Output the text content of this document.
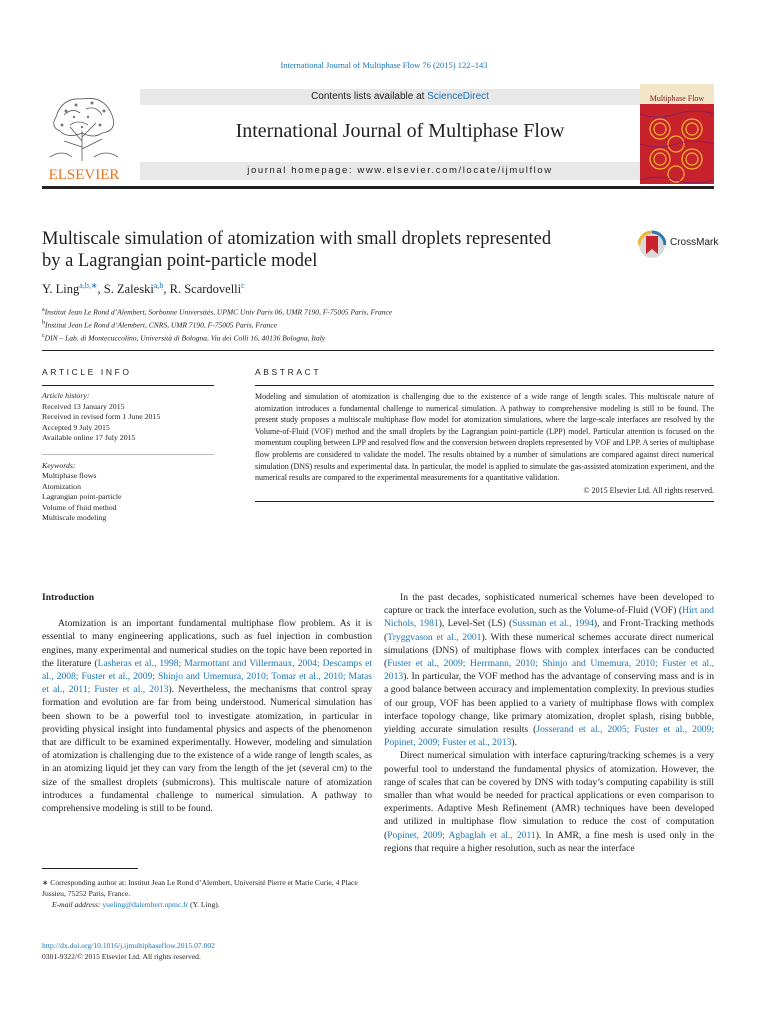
International Journal of Multiphase Flow 76 (2015) 122–143
ELSEVIER
Contents lists available at ScienceDirect
International Journal of Multiphase Flow
journal homepage: www.elsevier.com/locate/ijmulflow
Multiphase Flow
Multiscale simulation of atomization with small droplets represented
by a Lagrangian point-particle model
CrossMark
Y. Ling$^{a,b,∗}$, S. Zaleski$^{a,b}$, R. Scardovelli$^c$
$^a$Institut Jean Le Rond d’Alembert, Sorbonne Universités, UPMC Univ Paris 06, UMR 7190, F-75005 Paris, France
$^b$Institut Jean Le Rond d’Alembert, CNRS, UMR 7190, F-75005 Paris, France
$^c$DIN – Lab. di Montecuccolino, Università di Bologna, Via dei Colli 16, 40136 Bologna, Italy
ARTICLE INFO
Article history:
Received 13 January 2015
Received in revised form 1 June 2015
Accepted 9 July 2015
Available online 17 July 2015
Keywords:
Multiphase flows
Atomization
Lagrangian point-particle
Volume of fluid method
Multiscale modeling
ABSTRACT
Modeling and simulation of atomization is challenging due to the existence of a wide range of length scales. This multiscale nature of atomization introduces a fundamental challenge to numerical simulation. A pathway to comprehensive modeling is still to be found. The present study proposes a multiscale multiphase flow model for atomization simulations, where the large-scale interfaces are resolved by the Volume-of-Fluid (VOF) method and the small droplets by the Lagrangian point-particle (LPP) model. Particular attention is focused on the momentum coupling between LPP and resolved flow and the conversion between droplets represented by VOF and LPP. A series of multiphase flow problems are considered to validate the model. The results obtained by a number of simulations are compared against direct numerical simulation (DNS) results and experimental data. In particular, the model is applied to simulate the gas-assisted atomization experiment, and the numerical results are compared to the experimental measurements for a quantitative validation.
© 2015 Elsevier Ltd. All rights reserved.
Introduction

Atomization is an important fundamental multiphase flow problem. As it is essential to many engineering applications, such as fuel injection in combustion engines, many experimental and numerical studies on the topic have been reported in the literature (Lasheras et al., 1998; Marmottant and Villermaux, 2004; Descamps et al., 2008; Fuster et al., 2009; Shinjo and Umemura, 2010; Tomar et al., 2010; Matas et al., 2011; Fuster et al., 2013). Nevertheless, the mechanisms that control spray formation and evolution are far from being understood. Numerical simulation has been shown to be a powerful tool to investigate atomization, in particular in providing physical insight into fundamental physics and aspects of the phenomenon that are difficult to be examined experimentally. However, modeling and simulation of atomization is challenging due to the existence of a wide range of length scales, as in an atomizing liquid jet they can vary from the length of the jet (several cm) to the size of the smallest droplets (submicrons). This multiscale nature of atomization introduces a fundamental challenge to numerical simulation. A pathway to comprehensive modeling is still to be found.

∗ Corresponding author at: Institut Jean Le Rond d’Alembert, Université Pierre et Marie Curie, 4 Place Jussieu, 75252 Paris, France.
E-mail address: yueling@dalembert.upmc.fr (Y. Ling).
http://dx.doi.org/10.1016/j.ijmultiphaseflow.2015.07.002
0301-9322/© 2015 Elsevier Ltd. All rights reserved.

In the past decades, sophisticated numerical schemes have been developed to capture or track the interface evolution, such as the Volume-of-Fluid (VOF) (Hirt and Nichols, 1981), Level-Set (LS) (Sussman et al., 1994), and Front-Tracking methods (Tryggvason et al., 2001). With these numerical schemes accurate direct numerical simulations (DNS) of multiphase flows with complex interfaces can be conducted (Fuster et al., 2009; Herrmann, 2010; Shinjo and Umemura, 2010; Fuster et al., 2013). In particular, the VOF method has the advantage of conserving mass and is in a good balance between accuracy and implementation complexity. In previous studies of our group, VOF has been applied to a variety of multiphase flows with complex interface topology change, like primary atomization, droplet splash, rising bubble, yielding accurate simulation results (Josserand et al., 2005; Fuster et al., 2009; Popinet, 2009; Fuster et al., 2013).

Direct numerical simulation with interface capturing/tracking schemes is a very powerful tool to understand the fundamental physics of atomization. However, the range of scales that can be covered by DNS with today’s computing capability is still smaller than what would be needed for practical applications or even comparison to experiments. Adaptive Mesh Refinement (AMR) techniques have been developed and utilized in multiphase flow simulation to reduce the cost of computation (Popinet, 2009; Agbaglah et al., 2011). In AMR, a fine mesh is used only in the regions that require a higher resolution, such as near the interface
